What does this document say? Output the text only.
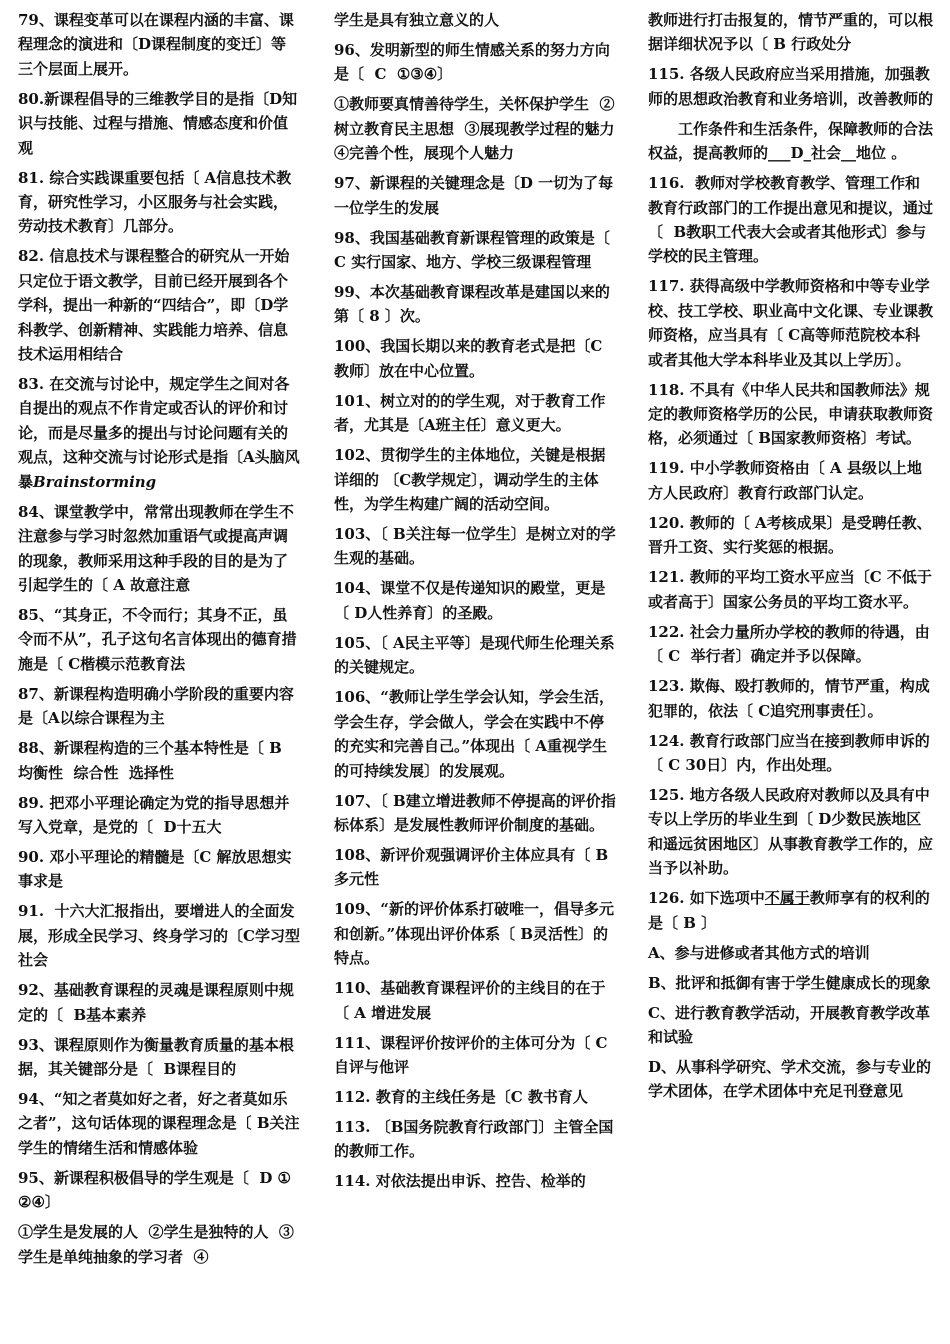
79、课程变革可以在课程内涵的丰富、课程理念的演进和〔D课程制度的变迁〕等三个层面上展开。

80.新课程倡导的三维教学目的是指〔D知识与技能、过程与措施、情感态度和价值观

81. 综合实践课重要包括〔 A信息技术教育，研究性学习，小区服务与社会实践，劳动技术教育〕几部分。

82. 信息技术与课程整合的研究从一开始只定位于语文教学，目前已经开展到各个学科，提出一种新的“四结合”，即〔D学科教学、创新精神、实践能力培养、信息技术运用相结合

83. 在交流与讨论中，规定学生之间对各自提出的观点不作肯定或否认的评价和讨论，而是尽量多的提出与讨论问题有关的观点，这种交流与讨论形式是指〔A头脑风暴Brainstorming

84、课堂教学中，常常出现教师在学生不注意参与学习时忽然加重语气或提高声调的现象，教师采用这种手段的目的是为了引起学生的〔 A 故意注意

85、“其身正，不令而行；其身不正，虽令而不从”，孔子这句名言体现出的德育措施是〔 C楷模示范教育法

87、新课程构造明确小学阶段的重要内容是〔A以综合课程为主

88、新课程构造的三个基本特性是〔 B 均衡性  综合性  选择性

89. 把邓小平理论确定为党的指导思想并写入党章，是党的〔  D十五大

90. 邓小平理论的精髓是〔C 解放思想实事求是

91.  十六大汇报指出，要增进人的全面发展，形成全民学习、终身学习的〔C学习型社会

92、基础教育课程的灵魂是课程原则中规定的〔  B基本素养

93、课程原则作为衡量教育质量的基本根据，其关键部分是〔  B课程目的

94、“知之者莫如好之者，好之者莫如乐之者”，这句话体现的课程理念是〔 B关注学生的情绪生活和情感体验

95、新课程积极倡导的学生观是〔  D ①②④〕

①学生是发展的人  ②学生是独特的人  ③学生是单纯抽象的学习者  ④

学生是具有独立意义的人

96、发明新型的师生情感关系的努力方向是〔  C  ①③④〕

①教师要真情善待学生，关怀保护学生  ②树立教育民主思想  ③展现教学过程的魅力  ④完善个性，展现个人魅力

97、新课程的关键理念是〔D 一切为了每一位学生的发展

98、我国基础教育新课程管理的政策是〔 C 实行国家、地方、学校三级课程管理

99、本次基础教育课程改革是建国以来的第〔 8 〕次。

100、我国长期以来的教育老式是把〔C教师〕放在中心位置。

101、树立对的的学生观，对于教育工作者，尤其是〔A班主任〕意义更大。

102、贯彻学生的主体地位，关键是根据详细的 〔C教学规定〕，调动学生的主体性，为学生构建广阔的活动空间。

103、〔 B关注每一位学生〕是树立对的学生观的基础。

104、课堂不仅是传递知识的殿堂，更是〔 D人性养育〕的圣殿。

105、〔 A民主平等〕是现代师生伦理关系的关键规定。

106、“教师让学生学会认知，学会生活，学会生存，学会做人，学会在实践中不停的充实和完善自己。”体现出〔 A重视学生的可持续发展〕的发展观。

107、〔 B建立增进教师不停提高的评价指标体系〕是发展性教师评价制度的基础。

108、新评价观强调评价主体应具有〔 B 多元性

109、“新的评价体系打破唯一，倡导多元和创新。”体现出评价体系〔 B灵活性〕的特点。

110、基础教育课程评价的主线目的在于〔 A 增进发展

111、课程评价按评价的主体可分为〔 C 自评与他评

112. 教育的主线任务是〔C 教书育人

113. 〔B国务院教育行政部门〕主管全国的教师工作。

114. 对依法提出申诉、控告、检举的

教师进行打击报复的，情节严重的，可以根据详细状况予以〔 B 行政处分

115. 各级人民政府应当采用措施，加强教师的思想政治教育和业务培训，改善教师的

工作条件和生活条件，保障教师的合法权益，提高教师的___D_社会__地位 。

116.  教师对学校教育教学、管理工作和教育行政部门的工作提出意见和提议，通过〔  B教职工代表大会或者其他形式〕参与学校的民主管理。

117. 获得高级中学教师资格和中等专业学校、技工学校、职业高中文化课、专业课教师资格，应当具有〔 C高等师范院校本科或者其他大学本科毕业及其以上学历〕。

118. 不具有《中华人民共和国教师法》规定的教师资格学历的公民，申请获取教师资格，必须通过〔 B国家教师资格〕考试。

119. 中小学教师资格由〔 A 县级以上地方人民政府〕教育行政部门认定。

120. 教师的〔 A考核成果〕是受聘任教、晋升工资、实行奖惩的根据。

121. 教师的平均工资水平应当〔C 不低于或者高于〕国家公务员的平均工资水平。

122. 社会力量所办学校的教师的待遇，由〔 C  举行者〕确定并予以保障。

123. 欺侮、殴打教师的，情节严重，构成犯罪的，依法〔 C追究刑事责任〕。

124. 教育行政部门应当在接到教师申诉的〔 C 30日〕内，作出处理。

125. 地方各级人民政府对教师以及具有中专以上学历的毕业生到〔 D少数民族地区和遥远贫困地区〕从事教育教学工作的，应当予以补助。

126. 如下选项中不属于教师享有的权利的是〔 B 〕

A、参与进修或者其他方式的培训

B、批评和抵御有害于学生健康成长的现象

C、进行教育教学活动，开展教育教学改革和试验

D、从事科学研究、学术交流，参与专业的学术团体，在学术团体中充足刊登意见
